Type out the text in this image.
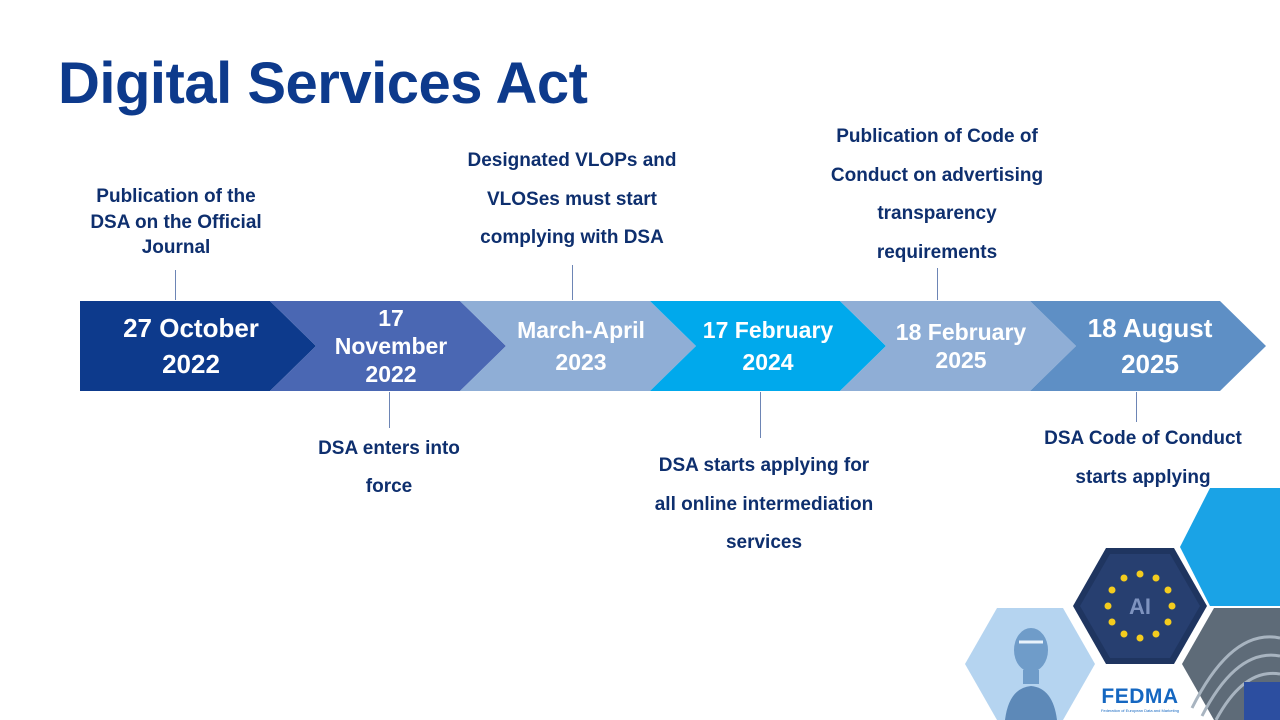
Digital Services Act
27 October 2022
17 November 2022
March-April 2023
17 February 2024
18 February 2025
18 August 2025
Publication of the DSA on the Official Journal
DSA enters into force
Designated VLOPs and VLOSes must start complying with DSA
DSA starts applying for all online intermediation services
Publication of Code of Conduct on advertising transparency requirements
DSA Code of Conduct starts applying
AI
FEDMA
Federation of European Data and Marketing
